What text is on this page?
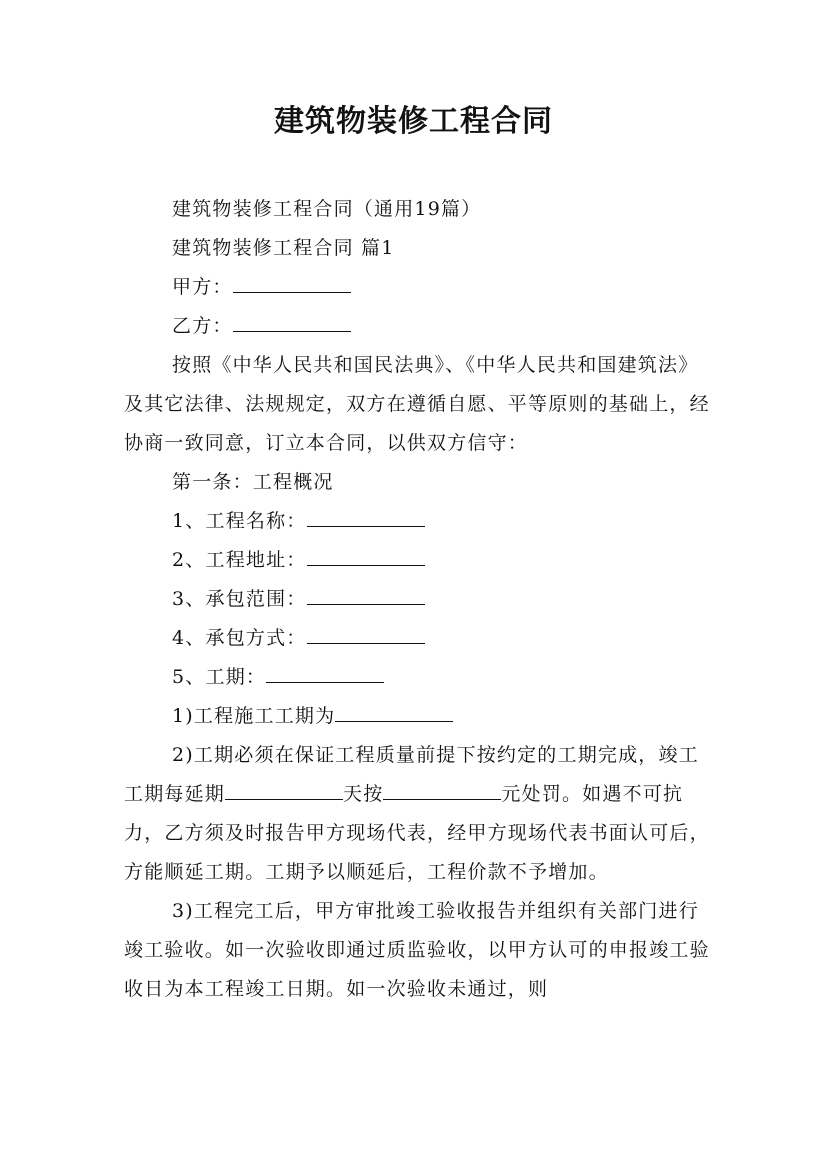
建筑物装修工程合同

建筑物装修工程合同（通用19篇）

建筑物装修工程合同 篇1

甲方：

乙方：

按照《中华人民共和国民法典》、《中华人民共和国建筑法》及其它法律、法规规定，双方在遵循自愿、平等原则的基础上，经协商一致同意，订立本合同，以供双方信守：

第一条：工程概况

1、工程名称：

2、工程地址：

3、承包范围：

4、承包方式：

5、工期：

1)工程施工工期为

2)工期必须在保证工程质量前提下按约定的工期完成，竣工工期每延期	天按	元处罚。如遇不可抗力，乙方须及时报告甲方现场代表，经甲方现场代表书面认可后，方能顺延工期。工期予以顺延后，工程价款不予增加。

3)工程完工后，甲方审批竣工验收报告并组织有关部门进行竣工验收。如一次验收即通过质监验收，以甲方认可的申报竣工验收日为本工程竣工日期。如一次验收未通过，则
